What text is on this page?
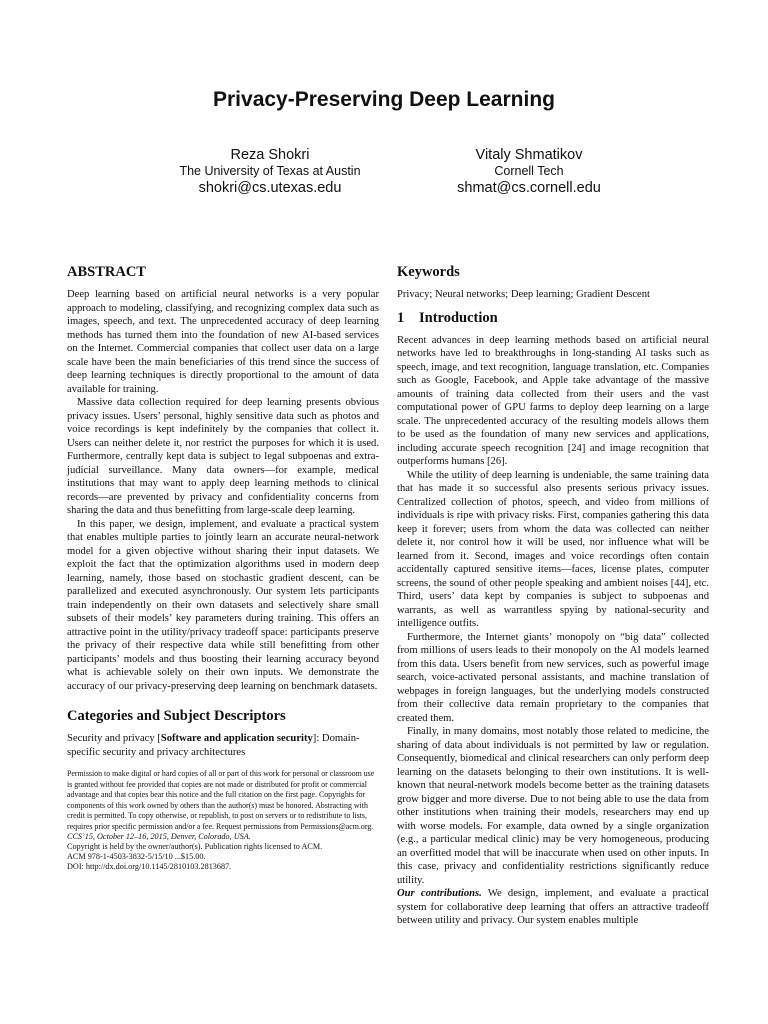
Privacy-Preserving Deep Learning
Reza Shokri
The University of Texas at Austin
shokri@cs.utexas.edu
Vitaly Shmatikov
Cornell Tech
shmat@cs.cornell.edu
ABSTRACT

Deep learning based on artificial neural networks is a very popular approach to modeling, classifying, and recognizing complex data such as images, speech, and text. The unprecedented accuracy of deep learning methods has turned them into the foundation of new AI-based services on the Internet. Commercial companies that collect user data on a large scale have been the main beneficiaries of this trend since the success of deep learning techniques is directly proportional to the amount of data available for training.

Massive data collection required for deep learning presents obvious privacy issues. Users’ personal, highly sensitive data such as photos and voice recordings is kept indefinitely by the companies that collect it. Users can neither delete it, nor restrict the purposes for which it is used. Furthermore, centrally kept data is subject to legal subpoenas and extra-judicial surveillance. Many data owners—for example, medical institutions that may want to apply deep learning methods to clinical records—are prevented by privacy and confidentiality concerns from sharing the data and thus benefitting from large-scale deep learning.

In this paper, we design, implement, and evaluate a practical system that enables multiple parties to jointly learn an accurate neural-network model for a given objective without sharing their input datasets. We exploit the fact that the optimization algorithms used in modern deep learning, namely, those based on stochastic gradient descent, can be parallelized and executed asynchronously. Our system lets participants train independently on their own datasets and selectively share small subsets of their models’ key parameters during training. This offers an attractive point in the utility/privacy tradeoff space: participants preserve the privacy of their respective data while still benefitting from other participants’ models and thus boosting their learning accuracy beyond what is achievable solely on their own inputs. We demonstrate the accuracy of our privacy-preserving deep learning on benchmark datasets.

Categories and Subject Descriptors

Security and privacy [Software and application security]: Domain-specific security and privacy architectures

Permission to make digital or hard copies of all or part of this work for personal or classroom use is granted without fee provided that copies are not made or distributed for profit or commercial advantage and that copies bear this notice and the full citation on the first page. Copyrights for components of this work owned by others than the author(s) must be honored. Abstracting with credit is permitted. To copy otherwise, or republish, to post on servers or to redistribute to lists, requires prior specific permission and/or a fee. Request permissions from Permissions@acm.org.

CCS’15, October 12–16, 2015, Denver, Colorado, USA.

Copyright is held by the owner/author(s). Publication rights licensed to ACM.

ACM 978-1-4503-3832-5/15/10 ...$15.00.

DOI: http://dx.doi.org/10.1145/2810103.2813687.

Keywords

Privacy; Neural networks; Deep learning; Gradient Descent

1 Introduction

Recent advances in deep learning methods based on artificial neural networks have led to breakthroughs in long-standing AI tasks such as speech, image, and text recognition, language translation, etc. Companies such as Google, Facebook, and Apple take advantage of the massive amounts of training data collected from their users and the vast computational power of GPU farms to deploy deep learning on a large scale. The unprecedented accuracy of the resulting models allows them to be used as the foundation of many new services and applications, including accurate speech recognition [24] and image recognition that outperforms humans [26].

While the utility of deep learning is undeniable, the same training data that has made it so successful also presents serious privacy issues. Centralized collection of photos, speech, and video from millions of individuals is ripe with privacy risks. First, companies gathering this data keep it forever; users from whom the data was collected can neither delete it, nor control how it will be used, nor influence what will be learned from it. Second, images and voice recordings often contain accidentally captured sensitive items—faces, license plates, computer screens, the sound of other people speaking and ambient noises [44], etc. Third, users’ data kept by companies is subject to subpoenas and warrants, as well as warrantless spying by national-security and intelligence outfits.

Furthermore, the Internet giants’ monopoly on “big data” collected from millions of users leads to their monopoly on the AI models learned from this data. Users benefit from new services, such as powerful image search, voice-activated personal assistants, and machine translation of webpages in foreign languages, but the underlying models constructed from their collective data remain proprietary to the companies that created them.

Finally, in many domains, most notably those related to medicine, the sharing of data about individuals is not permitted by law or regulation. Consequently, biomedical and clinical researchers can only perform deep learning on the datasets belonging to their own institutions. It is well-known that neural-network models become better as the training datasets grow bigger and more diverse. Due to not being able to use the data from other institutions when training their models, researchers may end up with worse models. For example, data owned by a single organization (e.g., a particular medical clinic) may be very homogeneous, producing an overfitted model that will be inaccurate when used on other inputs. In this case, privacy and confidentiality restrictions significantly reduce utility.

Our contributions. We design, implement, and evaluate a practical system for collaborative deep learning that offers an attractive tradeoff between utility and privacy. Our system enables multiple
